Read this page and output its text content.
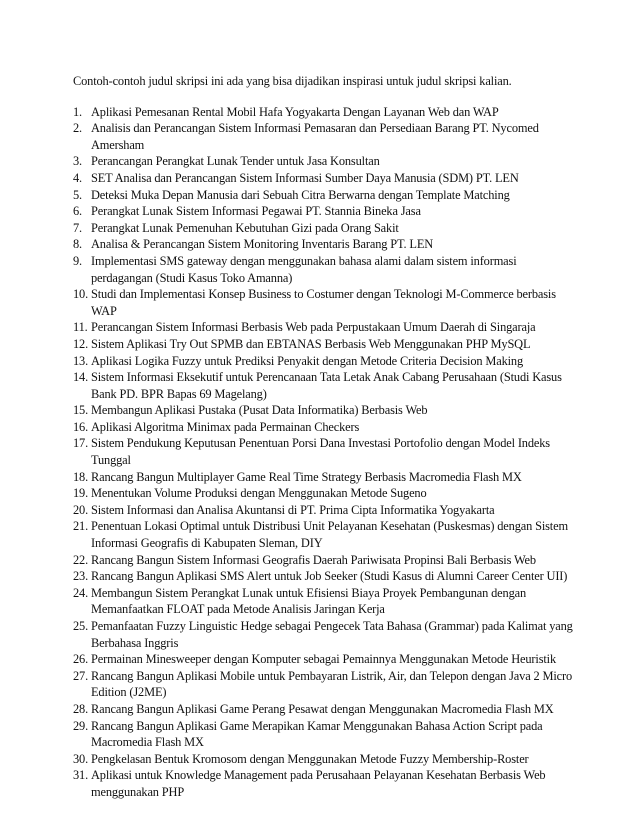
Contoh-contoh judul skripsi ini ada yang bisa dijadikan inspirasi untuk judul skripsi kalian.

1. Aplikasi Pemesanan Rental Mobil Hafa Yogyakarta Dengan Layanan Web dan WAP
2. Analisis dan Perancangan Sistem Informasi Pemasaran dan Persediaan Barang PT. Nycomed Amersham
3. Perancangan Perangkat Lunak Tender untuk Jasa Konsultan
4. SET Analisa dan Perancangan Sistem Informasi Sumber Daya Manusia (SDM) PT. LEN
5. Deteksi Muka Depan Manusia dari Sebuah Citra Berwarna dengan Template Matching
6. Perangkat Lunak Sistem Informasi Pegawai PT. Stannia Bineka Jasa
7. Perangkat Lunak Pemenuhan Kebutuhan Gizi pada Orang Sakit
8. Analisa & Perancangan Sistem Monitoring Inventaris Barang PT. LEN
9. Implementasi SMS gateway dengan menggunakan bahasa alami dalam sistem informasi perdagangan (Studi Kasus Toko Amanna)
10. Studi dan Implementasi Konsep Business to Costumer dengan Teknologi M-Commerce berbasis WAP
11. Perancangan Sistem Informasi Berbasis Web pada Perpustakaan Umum Daerah di Singaraja
12. Sistem Aplikasi Try Out SPMB dan EBTANAS Berbasis Web Menggunakan PHP MySQL
13. Aplikasi Logika Fuzzy untuk Prediksi Penyakit dengan Metode Criteria Decision Making
14. Sistem Informasi Eksekutif untuk Perencanaan Tata Letak Anak Cabang Perusahaan (Studi Kasus Bank PD. BPR Bapas 69 Magelang)
15. Membangun Aplikasi Pustaka (Pusat Data Informatika) Berbasis Web
16. Aplikasi Algoritma Minimax pada Permainan Checkers
17. Sistem Pendukung Keputusan Penentuan Porsi Dana Investasi Portofolio dengan Model Indeks Tunggal
18. Rancang Bangun Multiplayer Game Real Time Strategy Berbasis Macromedia Flash MX
19. Menentukan Volume Produksi dengan Menggunakan Metode Sugeno
20. Sistem Informasi dan Analisa Akuntansi di PT. Prima Cipta Informatika Yogyakarta
21. Penentuan Lokasi Optimal untuk Distribusi Unit Pelayanan Kesehatan (Puskesmas) dengan Sistem Informasi Geografis di Kabupaten Sleman, DIY
22. Rancang Bangun Sistem Informasi Geografis Daerah Pariwisata Propinsi Bali Berbasis Web
23. Rancang Bangun Aplikasi SMS Alert untuk Job Seeker (Studi Kasus di Alumni Career Center UII)
24. Membangun Sistem Perangkat Lunak untuk Efisiensi Biaya Proyek Pembangunan dengan Memanfaatkan FLOAT pada Metode Analisis Jaringan Kerja
25. Pemanfaatan Fuzzy Linguistic Hedge sebagai Pengecek Tata Bahasa (Grammar) pada Kalimat yang Berbahasa Inggris
26. Permainan Minesweeper dengan Komputer sebagai Pemainnya Menggunakan Metode Heuristik
27. Rancang Bangun Aplikasi Mobile untuk Pembayaran Listrik, Air, dan Telepon dengan Java 2 Micro Edition (J2ME)
28. Rancang Bangun Aplikasi Game Perang Pesawat dengan Menggunakan Macromedia Flash MX
29. Rancang Bangun Aplikasi Game Merapikan Kamar Menggunakan Bahasa Action Script pada Macromedia Flash MX
30. Pengkelasan Bentuk Kromosom dengan Menggunakan Metode Fuzzy Membership-Roster
31. Aplikasi untuk Knowledge Management pada Perusahaan Pelayanan Kesehatan Berbasis Web menggunakan PHP
